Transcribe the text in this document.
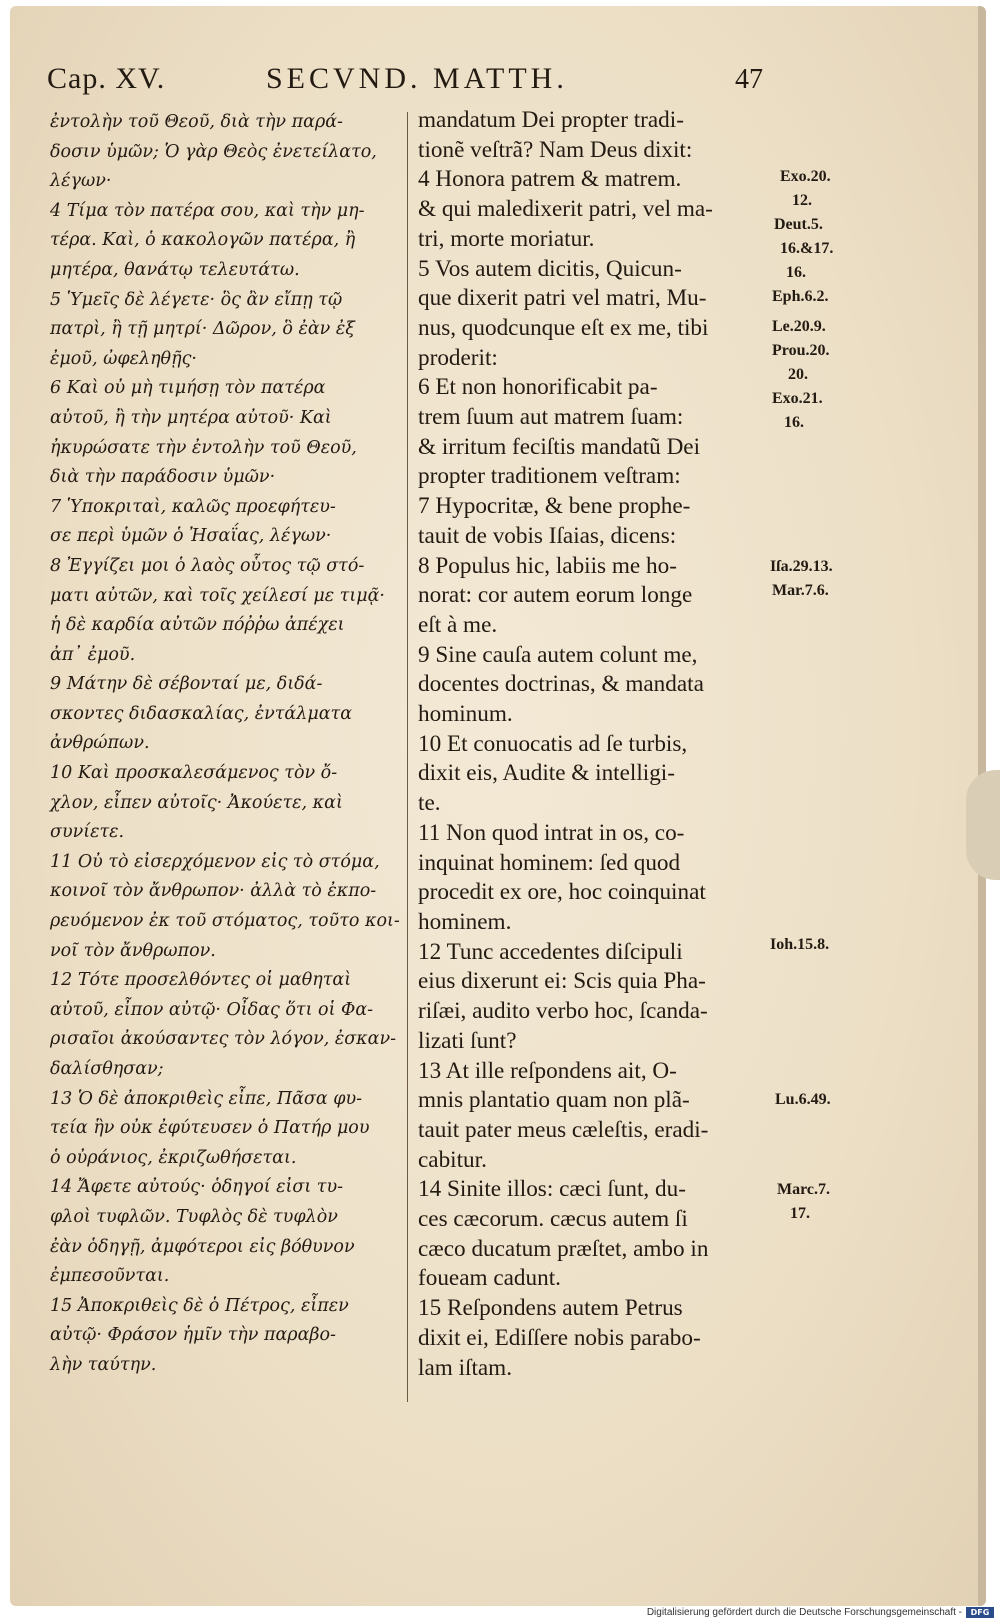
Cap. XV.	SECVND. MATTH.	47
ἐντολὴν τοῦ Θεοῦ, διὰ τὴν παρά-
δοσιν ὑμῶν; Ὁ γὰρ Θεὸς ἐνετείλατο,
λέγων·
4 Τίμα τὸν πατέρα σου, καὶ τὴν μη-
τέρα. Καὶ, ὁ κακολογῶν πατέρα, ἢ
μητέρα, θανάτῳ τελευτάτω.
5 Ὑμεῖς δὲ λέγετε· ὃς ἂν εἴπῃ τῷ
πατρὶ, ἢ τῇ μητρί· Δῶρον, ὃ ἐὰν ἐξ
ἐμοῦ, ὠφεληθῇς·
6 Καὶ οὐ μὴ τιμήσῃ τὸν πατέρα
αὐτοῦ, ἢ τὴν μητέρα αὐτοῦ· Καὶ
ἠκυρώσατε τὴν ἐντολὴν τοῦ Θεοῦ,
διὰ τὴν παράδοσιν ὑμῶν·
7 Ὑποκριταὶ, καλῶς προεφήτευ-
σε περὶ ὑμῶν ὁ Ἠσαΐας, λέγων·
8 Ἐγγίζει μοι ὁ λαὸς οὗτος τῷ στό-
ματι αὐτῶν, καὶ τοῖς χείλεσί με τιμᾷ·
ἡ δὲ καρδία αὐτῶν πόῤῥω ἀπέχει
ἀπ᾽ ἐμοῦ.
9 Μάτην δὲ σέβονταί με, διδά-
σκοντες διδασκαλίας, ἐντάλματα
ἀνθρώπων.
10 Καὶ προσκαλεσάμενος τὸν ὄ-
χλον, εἶπεν αὐτοῖς· Ἀκούετε, καὶ
συνίετε.
11 Οὐ τὸ εἰσερχόμενον εἰς τὸ στόμα,
κοινοῖ τὸν ἄνθρωπον· ἀλλὰ τὸ ἐκπο-
ρευόμενον ἐκ τοῦ στόματος, τοῦτο κοι-
νοῖ τὸν ἄνθρωπον.
12 Τότε προσελθόντες οἱ μαθηταὶ
αὐτοῦ, εἶπον αὐτῷ· Οἶδας ὅτι οἱ Φα-
ρισαῖοι ἀκούσαντες τὸν λόγον, ἐσκαν-
δαλίσθησαν;
13 Ὁ δὲ ἀποκριθεὶς εἶπε, Πᾶσα φυ-
τεία ἣν οὐκ ἐφύτευσεν ὁ Πατήρ μου
ὁ οὐράνιος, ἐκριζωθήσεται.
14 Ἄφετε αὐτούς· ὁδηγοί εἰσι τυ-
φλοὶ τυφλῶν. Τυφλὸς δὲ τυφλὸν
ἐὰν ὁδηγῇ, ἀμφότεροι εἰς βόθυνον
ἐμπεσοῦνται.
15 Ἀποκριθεὶς δὲ ὁ Πέτρος, εἶπεν
αὐτῷ· Φράσον ἡμῖν τὴν παραβο-
λὴν ταύτην.
mandatum Dei propter tradi-
tionẽ veſtrã? Nam Deus dixit:
4 Honora patrem & matrem.
& qui maledixerit patri, vel ma-
tri, morte moriatur.
5 Vos autem dicitis, Quicun-
que dixerit patri vel matri, Mu-
nus, quodcunque eſt ex me, tibi
proderit:
6 Et non honorificabit pa-
trem ſuum aut matrem ſuam:
& irritum feciſtis mandatũ Dei
propter traditionem veſtram:
7 Hypocritæ, & bene prophe-
tauit de vobis Iſaias, dicens:
8 Populus hic, labiis me ho-
norat: cor autem eorum longe
eſt à me.
9 Sine cauſa autem colunt me,
docentes doctrinas, & mandata
hominum.
10 Et conuocatis ad ſe turbis,
dixit eis, Audite & intelligi-
te.
11 Non quod intrat in os, co-
inquinat hominem: ſed quod
procedit ex ore, hoc coinquinat
hominem.
12 Tunc accedentes diſcipuli
eius dixerunt ei: Scis quia Pha-
riſæi, audito verbo hoc, ſcanda-
lizati ſunt?
13 At ille reſpondens ait, O-
mnis plantatio quam non plã-
tauit pater meus cæleſtis, eradi-
cabitur.
14 Sinite illos: cæci ſunt, du-
ces cæcorum. cæcus autem ſi
cæco ducatum præſtet, ambo in
foueam cadunt.
15 Reſpondens autem Petrus
dixit ei, Ediſſere nobis parabo-
lam iſtam.
Exo.20.
12.
Deut.5.
16.&17.
16.
Eph.6.2.
Le.20.9.
Prou.20.
20.
Exo.21.
16.
Iſa.29.13.
Mar.7.6.
Ioh.15.8.
Lu.6.49.
Marc.7.
17.
Digitalisierung gefördert durch die Deutsche Forschungsgemeinschaft -	DFG
